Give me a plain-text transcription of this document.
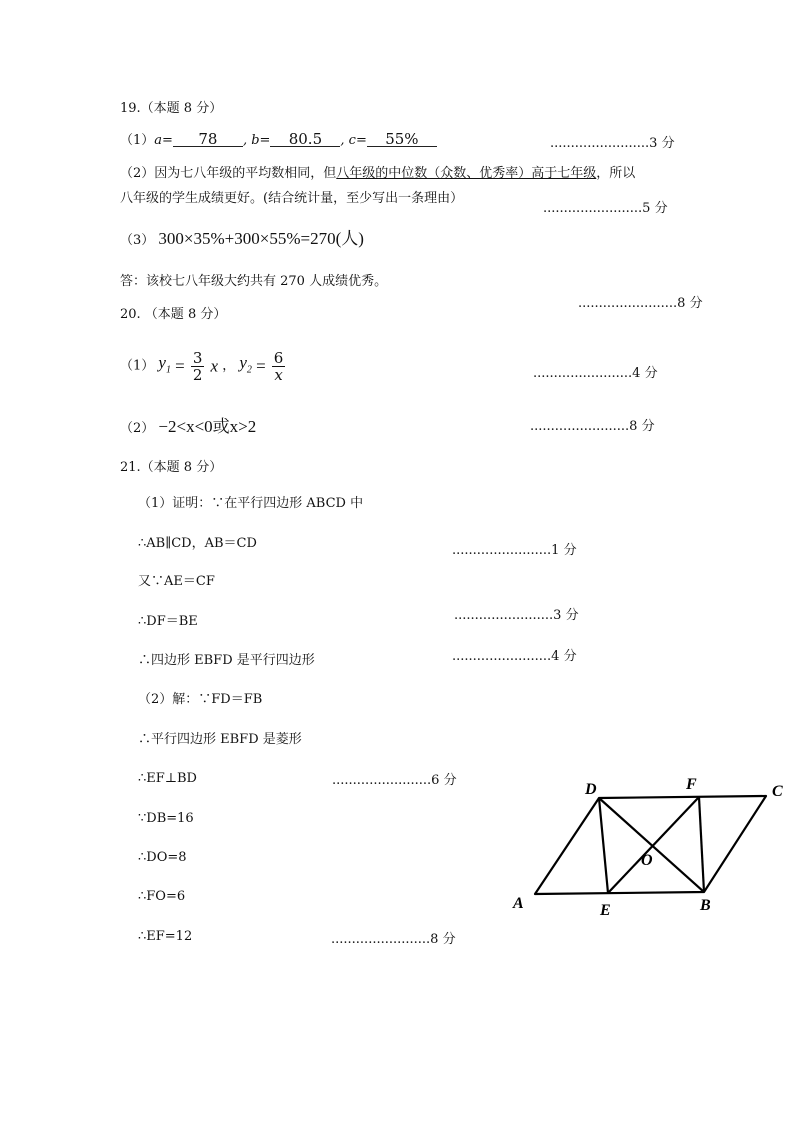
19.（本题 8 分）
（1）a= 78 , b= 80.5 , c= 55%	........................3 分
（2）因为七八年级的平均数相同，但八年级的中位数（众数、优秀率）高于七年级，所以
八年级的学生成绩更好。(结合统计量，至少写出一条理由）
........................5 分
（3） 300×35%+300×55%=270(人)
答：该校七八年级大约共有 270 人成绩优秀。
........................8 分
20. （本题 8 分）
（1） $y_1 = \frac{3}{2}$ x ， $y_2 = \frac{6}{x}$	........................4 分
（2） −2<x<0或x>2	........................8 分
21.（本题 8 分）
（1）证明：∵在平行四边形 ABCD 中
∴AB∥CD，AB＝CD	........................1 分
又∵AE＝CF
∴DF＝BE	........................3 分
∴四边形 EBFD 是平行四边形	........................4 分
（2）解：∵FD＝FB
∴平行四边形 EBFD 是菱形
∴EF⊥BD	........................6 分
∵DB=16
∴DO=8
∴FO=6
∴EF=12	........................8 分
D	F	C
O
A	E	B
